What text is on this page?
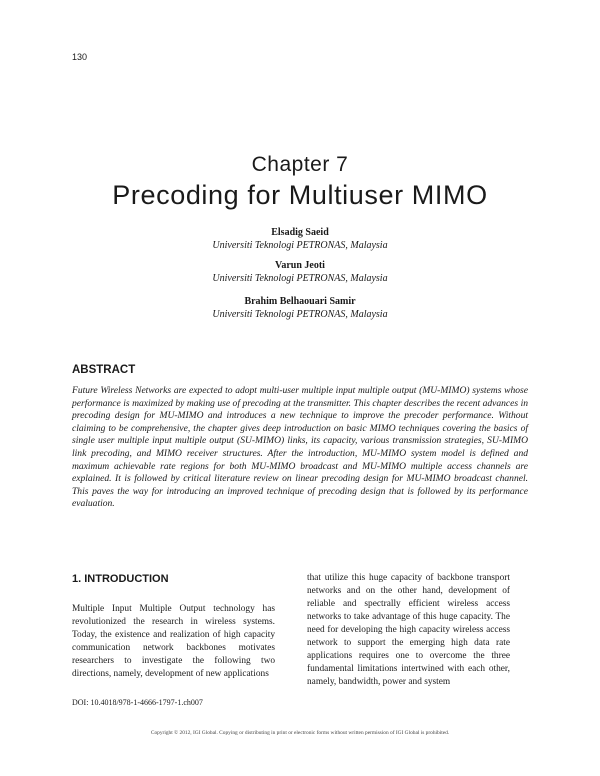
130
Chapter 7
Precoding for Multiuser MIMO
Elsadig Saeid
Universiti Teknologi PETRONAS, Malaysia
Varun Jeoti
Universiti Teknologi PETRONAS, Malaysia
Brahim Belhaouari Samir
Universiti Teknologi PETRONAS, Malaysia
ABSTRACT
Future Wireless Networks are expected to adopt multi-user multiple input multiple output (MU-MIMO) systems whose performance is maximized by making use of precoding at the transmitter. This chapter describes the recent advances in precoding design for MU-MIMO and introduces a new technique to improve the precoder performance. Without claiming to be comprehensive, the chapter gives deep introduction on basic MIMO techniques covering the basics of single user multiple input multiple output (SU-MIMO) links, its capacity, various transmission strategies, SU-MIMO link precoding, and MIMO receiver structures. After the introduction, MU-MIMO system model is defined and maximum achievable rate regions for both MU-MIMO broadcast and MU-MIMO multiple access channels are explained. It is followed by critical literature review on linear precoding design for MU-MIMO broadcast channel. This paves the way for introducing an improved technique of precoding design that is followed by its performance evaluation.
1. INTRODUCTION
Multiple Input Multiple Output technology has revolutionized the research in wireless systems. Today, the existence and realization of high capacity communication network backbones motivates researchers to investigate the following two directions, namely, development of new applications
that utilize this huge capacity of backbone transport networks and on the other hand, development of reliable and spectrally efficient wireless access networks to take advantage of this huge capacity. The need for developing the high capacity wireless access network to support the emerging high data rate applications requires one to overcome the three fundamental limitations intertwined with each other, namely, bandwidth, power and system
DOI: 10.4018/978-1-4666-1797-1.ch007
Copyright © 2012, IGI Global. Copying or distributing in print or electronic forms without written permission of IGI Global is prohibited.
